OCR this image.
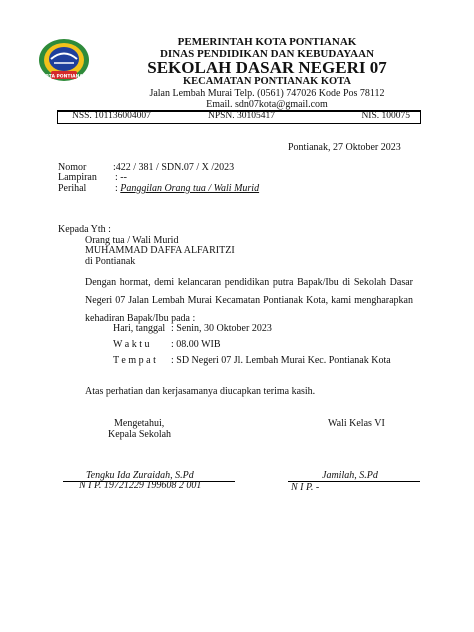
KOTA PONTIANAK
PEMERINTAH KOTA PONTIANAK
DINAS PENDIDIKAN DAN KEBUDAYAAN
SEKOLAH DASAR NEGERI 07
KECAMATAN PONTIANAK KOTA
Jalan Lembah Murai Telp. (0561) 747026 Kode Pos 78112
Email. sdn07kota@gmail.com
NSS. 101136004007	NPSN. 30105417	NIS. 100075
Pontianak, 27 Oktober 2023
Nomor	:422 / 381 / SDN.07 / X /2023
Lampiran : --
Perihal	: Panggilan Orang tua / Wali Murid
Kepada Yth :
Orang tua / Wali Murid
MUHAMMAD DAFFA ALFARITZI
di Pontianak
Dengan hormat, demi kelancaran pendidikan putra Bapak/Ibu di Sekolah Dasar Negeri 07 Jalan Lembah Murai Kecamatan Pontianak Kota, kami mengharapkan kehadiran Bapak/Ibu pada :
Hari, tanggal : Senin, 30 Oktober 2023
W a k t u : 08.00 WIB
T e m p a t : SD Negeri 07 Jl. Lembah Murai Kec. Pontianak Kota
Atas perhatian dan kerjasamanya diucapkan terima kasih.
Mengetahui,
Kepala Sekolah
Wali Kelas VI
Tengku Ida Zuraidah, S.Pd
N I P. 19721229 199608 2 001
Jamilah, S.Pd
N I P. -
